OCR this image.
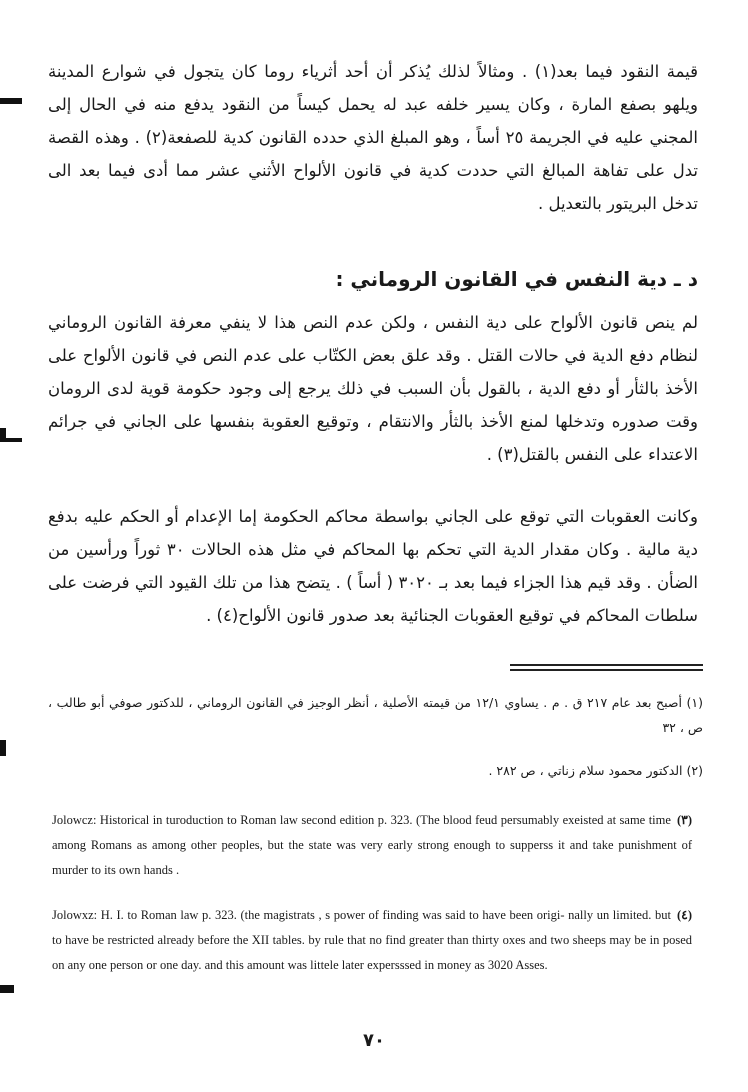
قيمة النقود فيما بعد(١) . ومثالاً لذلك يُذكر أن أحد أثرياء روما كان يتجول في شوارع المدينة ويلهو بصفع المارة ، وكان يسير خلفه عبد له يحمل كيساً من النقود يدفع منه في الحال إلى المجني عليه في الجريمة ٢٥ أساً ، وهو المبلغ الذي حدده القانون كدية للصفعة(٢) . وهذه القصة تدل على تفاهة المبالغ التي حددت كدية في قانون الألواح الأثني عشر مما أدى فيما بعد الى تدخل البريتور بالتعديل .

د ـ دية النفس في القانون الروماني :

لم ينص قانون الألواح على دية النفس ، ولكن عدم النص هذا لا ينفي معرفة القانون الروماني لنظام دفع الدية في حالات القتل . وقد علق بعض الكتّاب على عدم النص في قانون الألواح على الأخذ بالثأر أو دفع الدية ، بالقول بأن السبب في ذلك يرجع إلى وجود حكومة قوية لدى الرومان وقت صدوره وتدخلها لمنع الأخذ بالثأر والانتقام ، وتوقيع العقوبة بنفسها على الجاني في جرائم الاعتداء على النفس بالقتل(٣) .

وكانت العقوبات التي توقع على الجاني بواسطة محاكم الحكومة إما الإعدام أو الحكم عليه بدفع دية مالية . وكان مقدار الدية التي تحكم بها المحاكم في مثل هذه الحالات ٣٠ ثوراً ورأسين من الضأن . وقد قيم هذا الجزاء فيما بعد بـ ٣٠٢٠ ( أساً ) . يتضح هذا من تلك القيود التي فرضت على سلطات المحاكم في توقيع العقوبات الجنائية بعد صدور قانون الألواح(٤) .

(١) أصبح بعد عام ٢١٧ ق . م . يساوي ١٢/١ من قيمته الأصلية ، أنظر الوجيز في القانون الروماني ، للدكتور صوفي أبو طالب ، ص ، ٣٢

(٢) الدكتور محمود سلام زناتي ، ص ٢٨٢ .

(٣)
Jolowcz: Historical in turoduction to Roman law second edition p. 323. (The blood feud persumably exeisted at same time among Romans as among other peoples, but the state was very early strong enough to supperss it and take punishment of murder to its own hands .
(٤)
Jolowxz: H. I. to Roman law p. 323. (the magistrats , s power of finding was said to have been origi- nally un limited. but to have be restricted already before the XII tables. by rule that no find greater than thirty oxes and two sheeps may be in posed on any one person or one day. and this amount was littele later expersssed in money as 3020 Asses.
٧٠
